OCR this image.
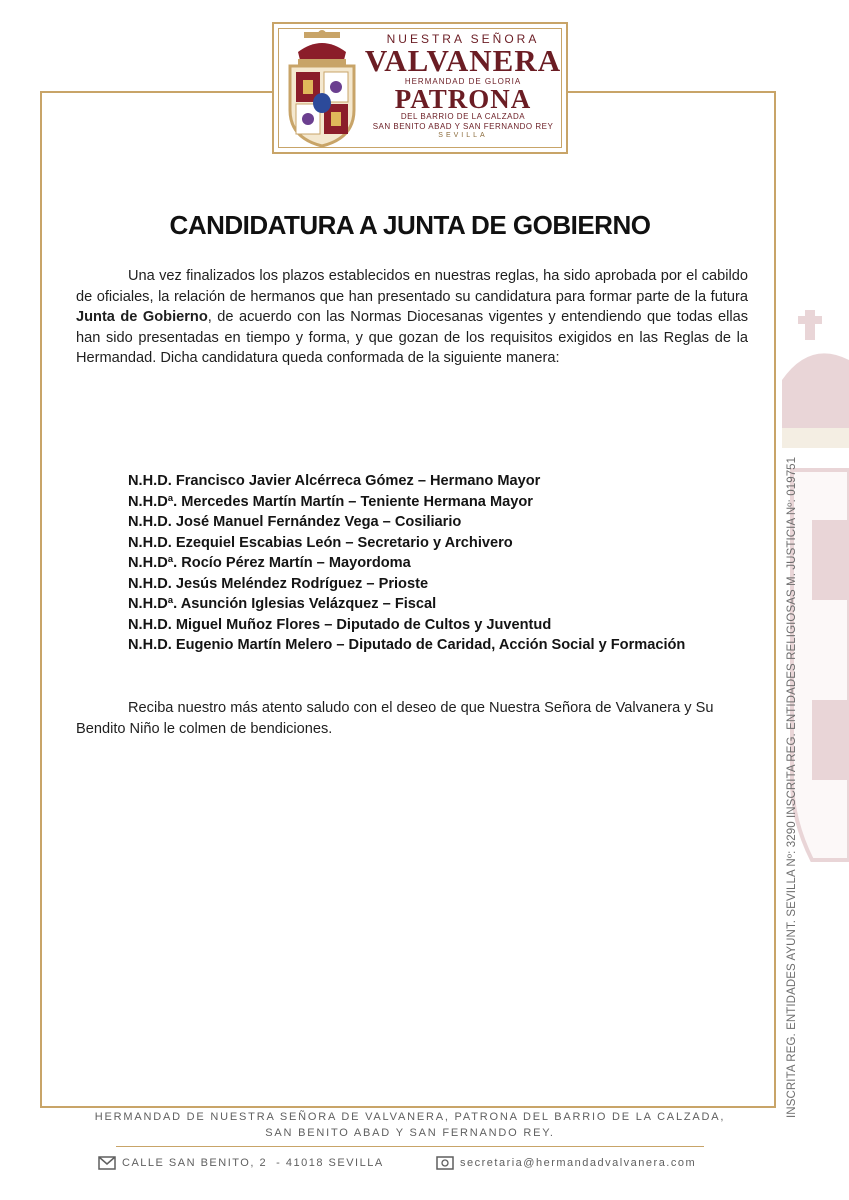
NUESTRA SEÑORA
VALVANERA
HERMANDAD DE GLORIA
PATRONA
DEL BARRIO DE LA CALZADA
SAN BENITO ABAD Y SAN FERNANDO REY
SEVILLA
CANDIDATURA A JUNTA DE GOBIERNO

Una vez finalizados los plazos establecidos en nuestras reglas, ha sido aprobada por el cabildo de oficiales, la relación de hermanos que han presentado su candidatura para formar parte de la futura Junta de Gobierno, de acuerdo con las Normas Diocesanas vigentes y entendiendo que todas ellas han sido presentadas en tiempo y forma, y que gozan de los requisitos exigidos en las Reglas de la Hermandad. Dicha candidatura queda conformada de la siguiente manera:

N.H.D. Francisco Javier Alcérreca Gómez – Hermano Mayor
N.H.Dª. Mercedes Martín Martín – Teniente Hermana Mayor
N.H.D. José Manuel Fernández Vega – Cosiliario
N.H.D. Ezequiel Escabias León – Secretario y Archivero
N.H.Dª. Rocío Pérez Martín – Mayordoma
N.H.D. Jesús Meléndez Rodríguez – Prioste
N.H.Dª. Asunción Iglesias Velázquez – Fiscal
N.H.D. Miguel Muñoz Flores – Diputado de Cultos y Juventud
N.H.D. Eugenio Martín Melero – Diputado de Caridad, Acción Social y Formación

Reciba nuestro más atento saludo con el deseo de que Nuestra Señora de Valvanera y Su Bendito Niño le colmen de bendiciones.	INSCRITA REG. ENTIDADES AYUNT. SEVILLA Nº: 3290 INSCRITA REG. ENTIDADES RELIGIOSAS M. JUSTICIA Nº: 019751
HERMANDAD DE NUESTRA SEÑORA DE VALVANERA, PATRONA DEL BARRIO DE LA CALZADA,
SAN BENITO ABAD Y SAN FERNANDO REY.
CALLE SAN BENITO, 2  - 41018 SEVILLA	secretaria@hermandadvalvanera.com
